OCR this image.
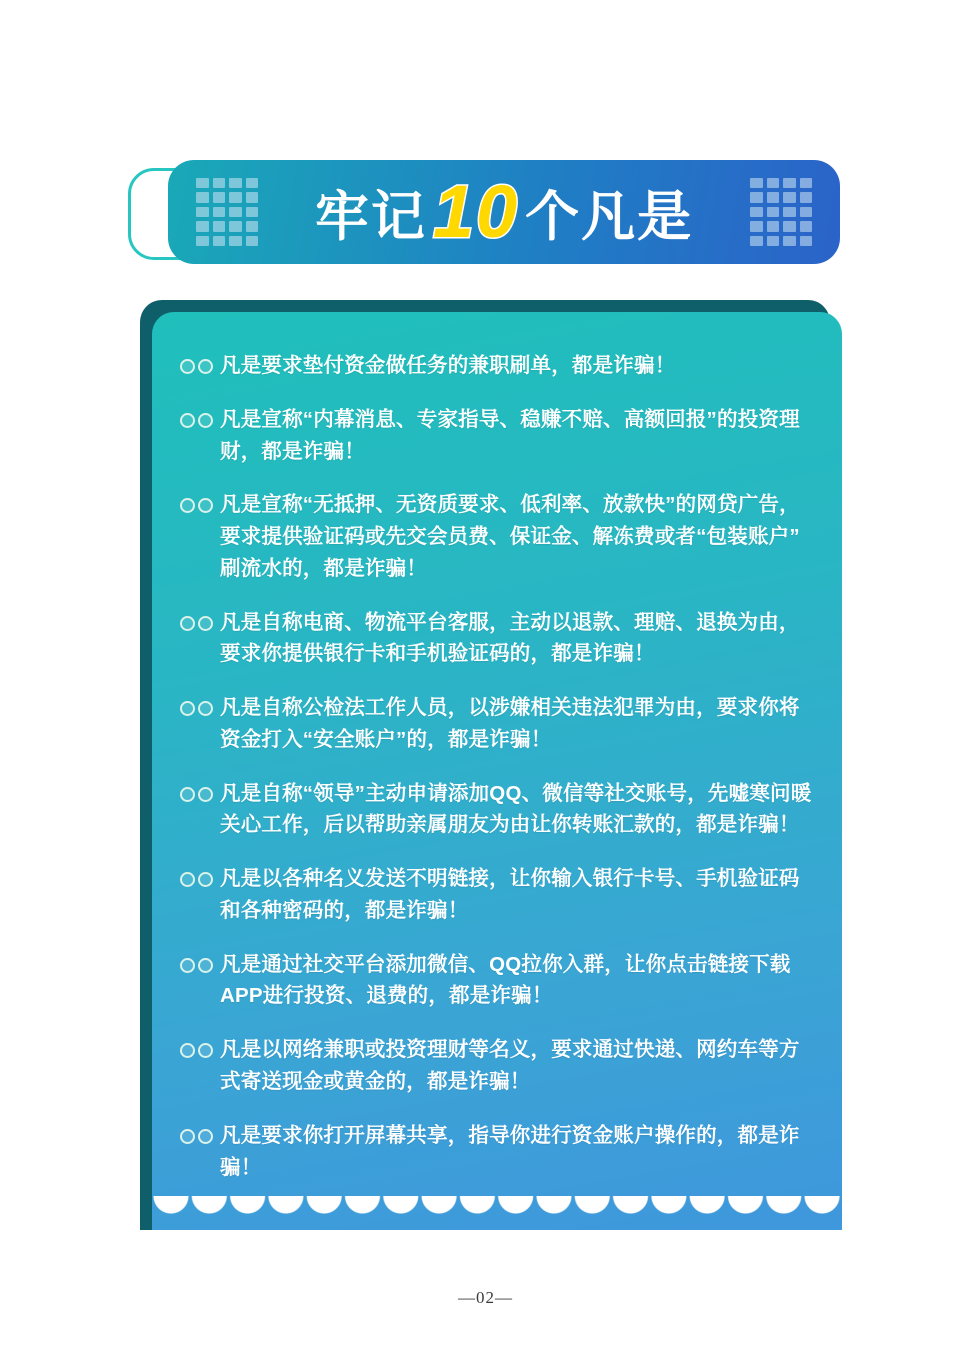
牢记 10 个凡是
凡是要求垫付资金做任务的兼职刷单，都是诈骗！
凡是宣称“内幕消息、专家指导、稳赚不赔、高额回报”的投资理财，都是诈骗！
凡是宣称“无抵押、无资质要求、低利率、放款快”的网贷广告，要求提供验证码或先交会员费、保证金、解冻费或者“包装账户”刷流水的，都是诈骗！
凡是自称电商、物流平台客服，主动以退款、理赔、退换为由，要求你提供银行卡和手机验证码的，都是诈骗！
凡是自称公检法工作人员，以涉嫌相关违法犯罪为由，要求你将资金打入“安全账户”的，都是诈骗！
凡是自称“领导”主动申请添加QQ、微信等社交账号，先嘘寒问暖关心工作，后以帮助亲属朋友为由让你转账汇款的，都是诈骗！
凡是以各种名义发送不明链接，让你输入银行卡号、手机验证码和各种密码的，都是诈骗！
凡是通过社交平台添加微信、QQ拉你入群，让你点击链接下载APP进行投资、退费的，都是诈骗！
凡是以网络兼职或投资理财等名义，要求通过快递、网约车等方式寄送现金或黄金的，都是诈骗！
凡是要求你打开屏幕共享，指导你进行资金账户操作的，都是诈骗！
—02—
